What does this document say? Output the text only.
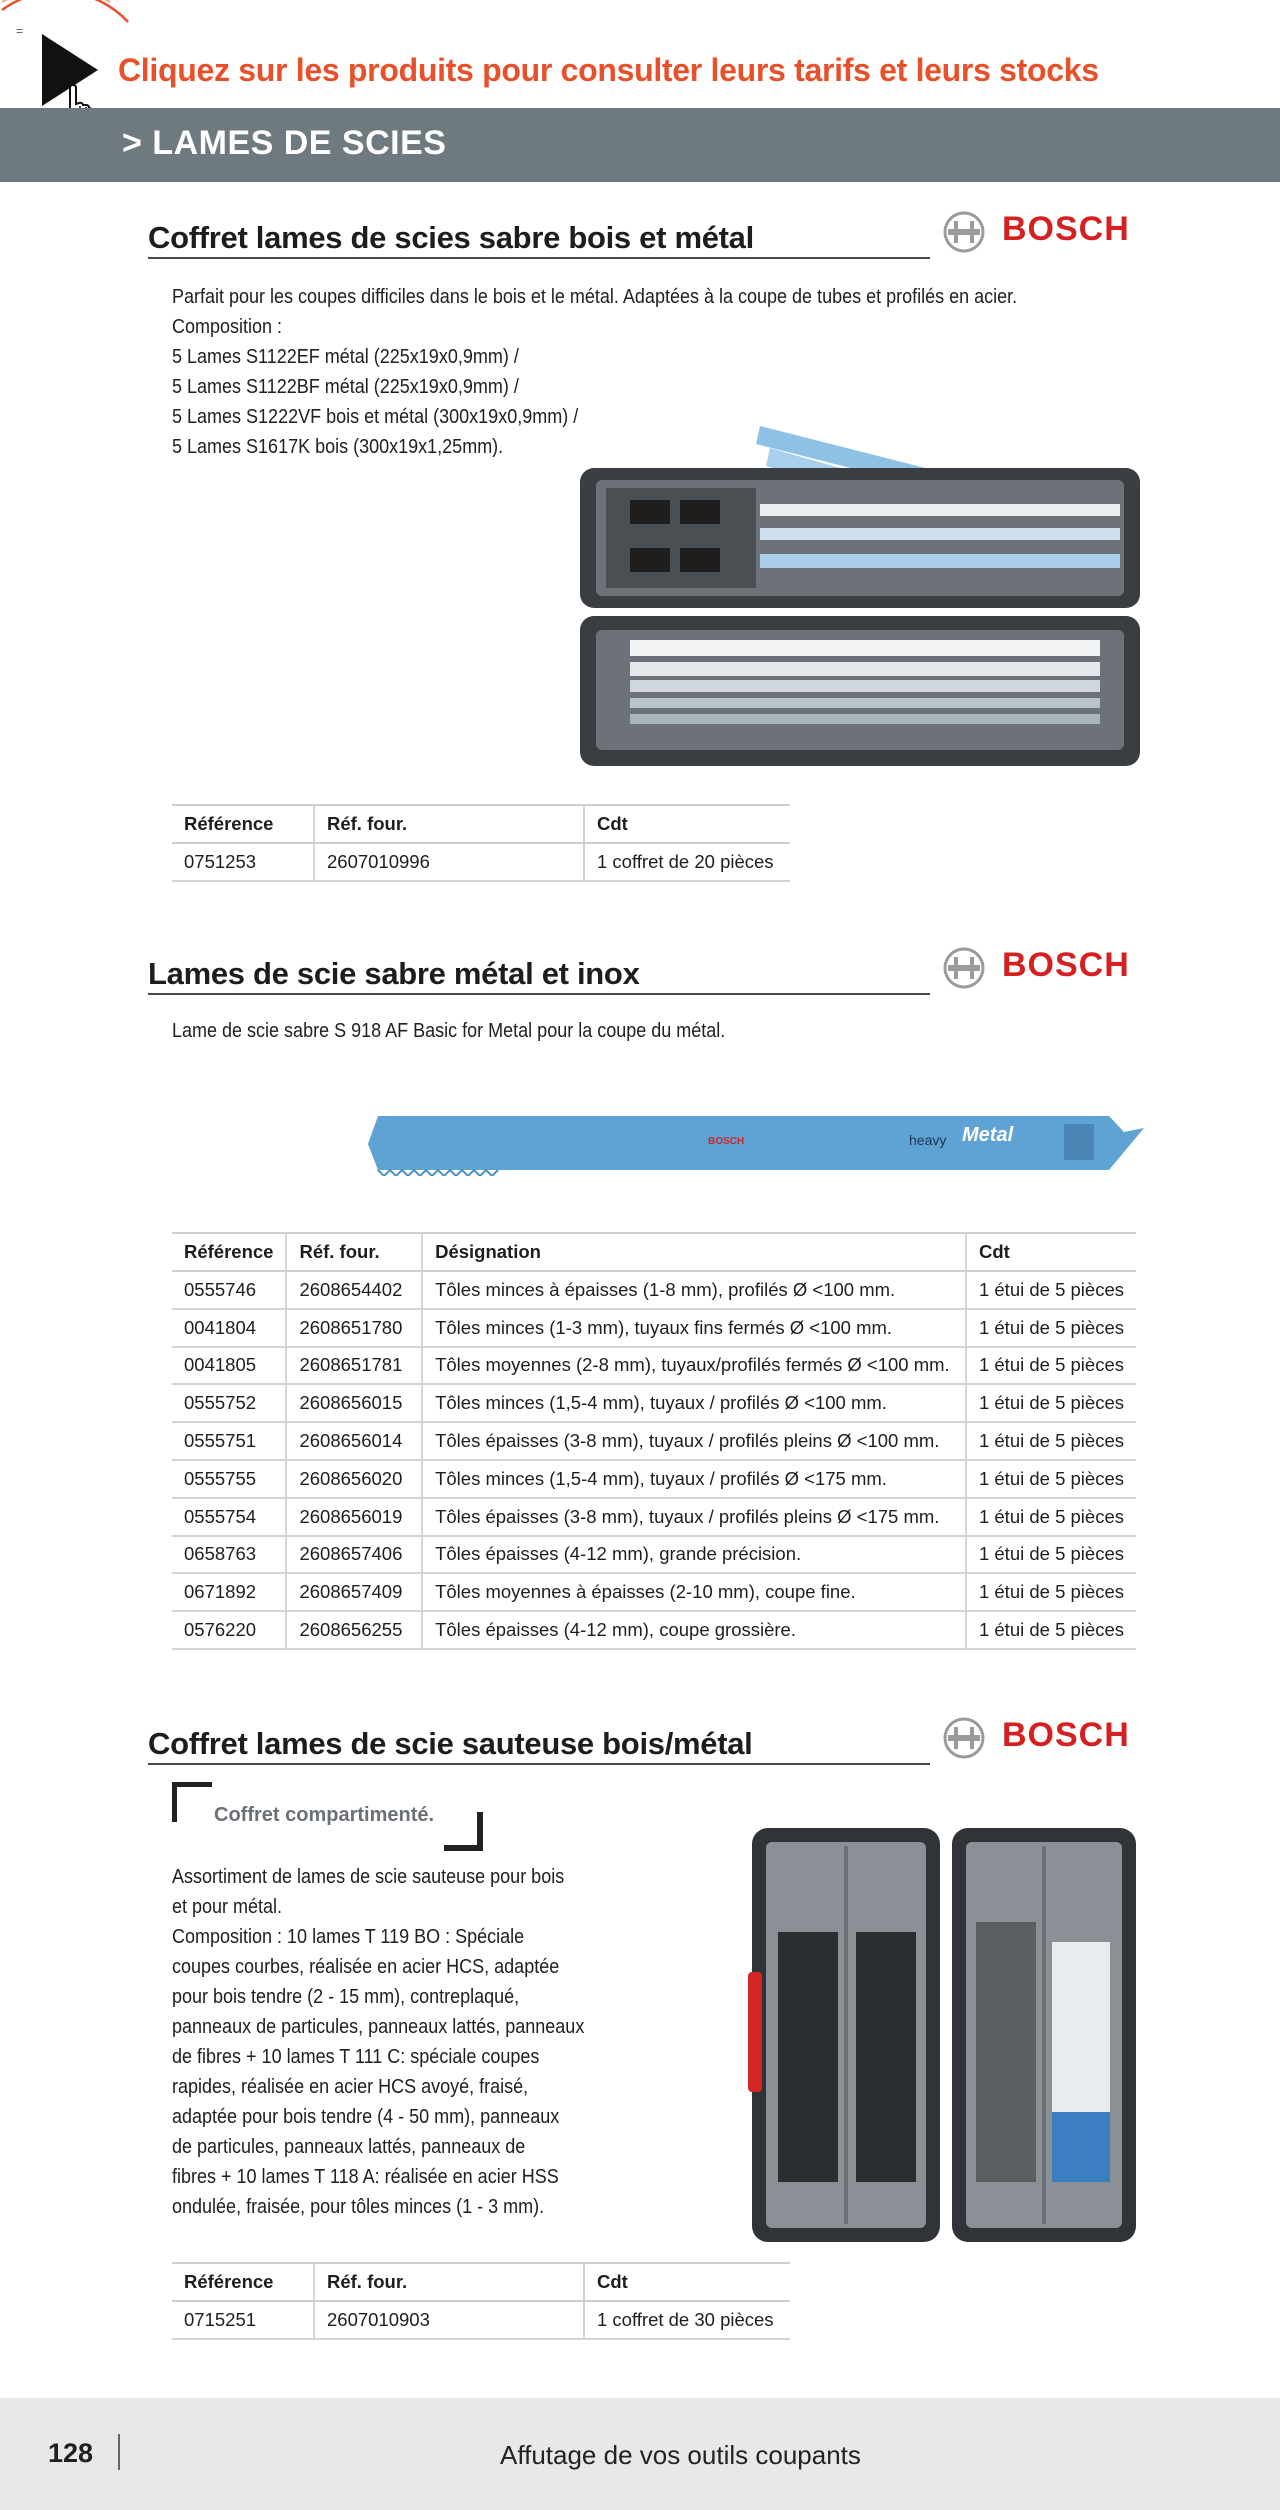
=
Cliquez sur les produits pour consulter leurs tarifs et leurs stocks
> LAMES DE SCIES
Coffret lames de scies sabre bois et métal	BOSCH
Parfait pour les coupes difficiles dans le bois et le métal. Adaptées à la coupe de tubes et profilés en acier.
Composition :
5 Lames S1122EF métal (225x19x0,9mm) /
5 Lames S1122BF métal (225x19x0,9mm) /
5 Lames S1222VF bois et métal (300x19x0,9mm) /
5 Lames S1617K bois (300x19x1,25mm).
Référence	Réf. four.	Cdt
0751253	2607010996	1 coffret de 20 pièces
Lames de scie sabre métal et inox	BOSCH
Lame de scie sabre S 918 AF Basic for Metal pour la coupe du métal.
BOSCH	heavy Metal
Référence	Réf. four.	Désignation	Cdt
0555746	2608654402	Tôles minces à épaisses (1-8 mm), profilés Ø <100 mm.	1 étui de 5 pièces
0041804	2608651780	Tôles minces (1-3 mm), tuyaux fins fermés Ø <100 mm.	1 étui de 5 pièces
0041805	2608651781	Tôles moyennes (2-8 mm), tuyaux/profilés fermés Ø <100 mm.	1 étui de 5 pièces
0555752	2608656015	Tôles minces (1,5-4 mm), tuyaux / profilés Ø <100 mm.	1 étui de 5 pièces
0555751	2608656014	Tôles épaisses (3-8 mm), tuyaux / profilés pleins Ø <100 mm.	1 étui de 5 pièces
0555755	2608656020	Tôles minces (1,5-4 mm), tuyaux / profilés Ø <175 mm.	1 étui de 5 pièces
0555754	2608656019	Tôles épaisses (3-8 mm), tuyaux / profilés pleins Ø <175 mm.	1 étui de 5 pièces
0658763	2608657406	Tôles épaisses (4-12 mm), grande précision.	1 étui de 5 pièces
0671892	2608657409	Tôles moyennes à épaisses (2-10 mm), coupe fine.	1 étui de 5 pièces
0576220	2608656255	Tôles épaisses (4-12 mm), coupe grossière.	1 étui de 5 pièces
Coffret lames de scie sauteuse bois/métal	BOSCH
Coffret compartimenté.
Assortiment de lames de scie sauteuse pour bois
et pour métal.
Composition : 10 lames T 119 BO : Spéciale
coupes courbes, réalisée en acier HCS, adaptée
pour bois tendre (2 - 15 mm), contreplaqué,
panneaux de particules, panneaux lattés, panneaux
de fibres + 10 lames T 111 C: spéciale coupes
rapides, réalisée en acier HCS avoyé, fraisé,
adaptée pour bois tendre (4 - 50 mm), panneaux
de particules, panneaux lattés, panneaux de
fibres + 10 lames T 118 A: réalisée en acier HSS
ondulée, fraisée, pour tôles minces (1 - 3 mm).
Référence	Réf. four.	Cdt
0715251	2607010903	1 coffret de 30 pièces
128	Affutage de vos outils coupants
